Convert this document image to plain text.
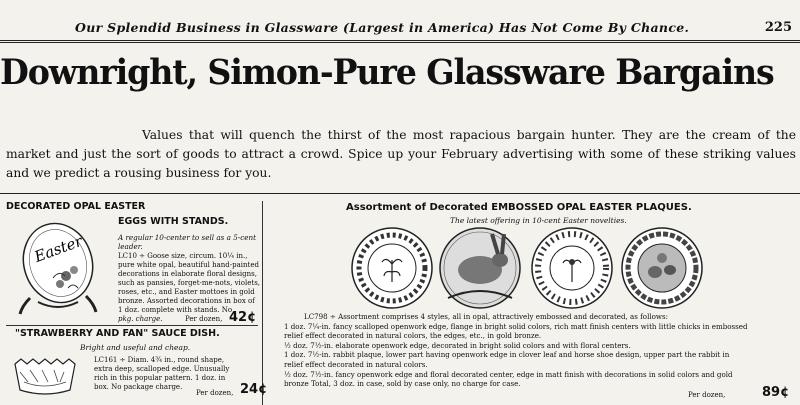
Our Splendid Business in Glassware (Largest in America) Has Not Come By Chance.	225
Downright, Simon-Pure Glassware Bargains

Values that will quench the thirst of the most rapacious bargain hunter. They are the cream of the market and just the sort of goods to attract a crowd. Spice up your February advertising with some of these striking values and we predict a rousing business for you.

DECORATED OPAL EASTER
EGGS WITH STANDS.
A regular 10-center to sell as a 5-cent
leader.
Easter	LC10 ÷ Goose size, circum. 10¼ in.,
pure white opal, beautiful hand-painted
decorations in elaborate floral designs,
such as pansies, forget-me-nots, violets,
roses, etc., and Easter mottoes in gold
bronze. Assorted decorations in box of
1 doz. complete with stands. No
pkg. charge.	Per dozen, 42¢
"STRAWBERRY AND FAN" SAUCE DISH.
Bright and useful and cheap.
LC161 ÷ Diam. 4¾ in., round shape,
extra deep, scalloped edge. Unusually
rich in this popular pattern. 1 doz. in
box. No package charge.
Per dozen, 24¢
Assortment of Decorated EMBOSSED OPAL EASTER PLAQUES.
The latest offering in 10-cent Easter novelties.
LC798 ÷ Assortment comprises 4 styles, all in opal, attractively embossed and decorated, as follows:
1 doz. 7¼-in. fancy scalloped openwork edge, flange in bright solid colors, rich matt finish centers with little chicks in embossed
relief effect decorated in natural colors, the edges, etc., in gold bronze.
½ doz. 7½-in. elaborate openwork edge, decorated in bright solid colors and with floral centers.
1 doz. 7½-in. rabbit plaque, lower part having openwork edge in clover leaf and horse shoe design, upper part the rabbit in
relief effect decorated in natural colors.
½ doz. 7½-in. fancy openwork edge and floral decorated center, edge in matt finish with decorations in solid colors and gold
bronze Total, 3 doz. in case, sold by case only, no charge for case.
Per dozen,	89¢
